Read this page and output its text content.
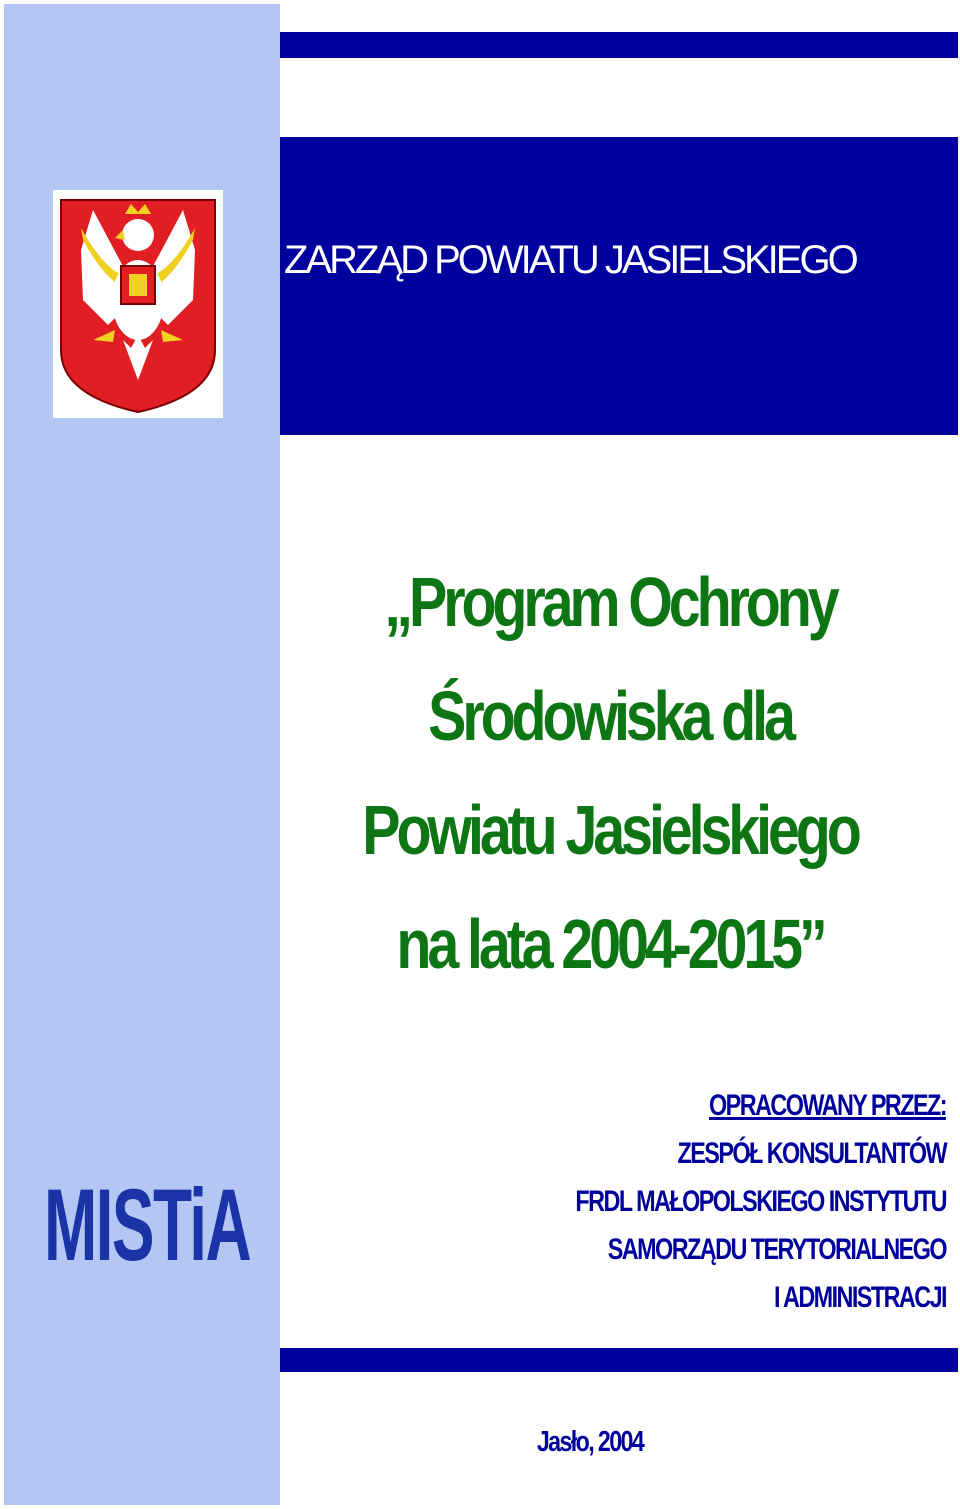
ZARZĄD POWIATU JASIELSKIEGO
„Program Ochrony
Środowiska dla
Powiatu Jasielskiego
na lata 2004-2015”
OPRACOWANY PRZEZ:
ZESPÓŁ KONSULTANTÓW
FRDL MAŁOPOLSKIEGO INSTYTUTU
SAMORZĄDU TERYTORIALNEGO
I ADMINISTRACJI
MISTiA
Jasło, 2004
